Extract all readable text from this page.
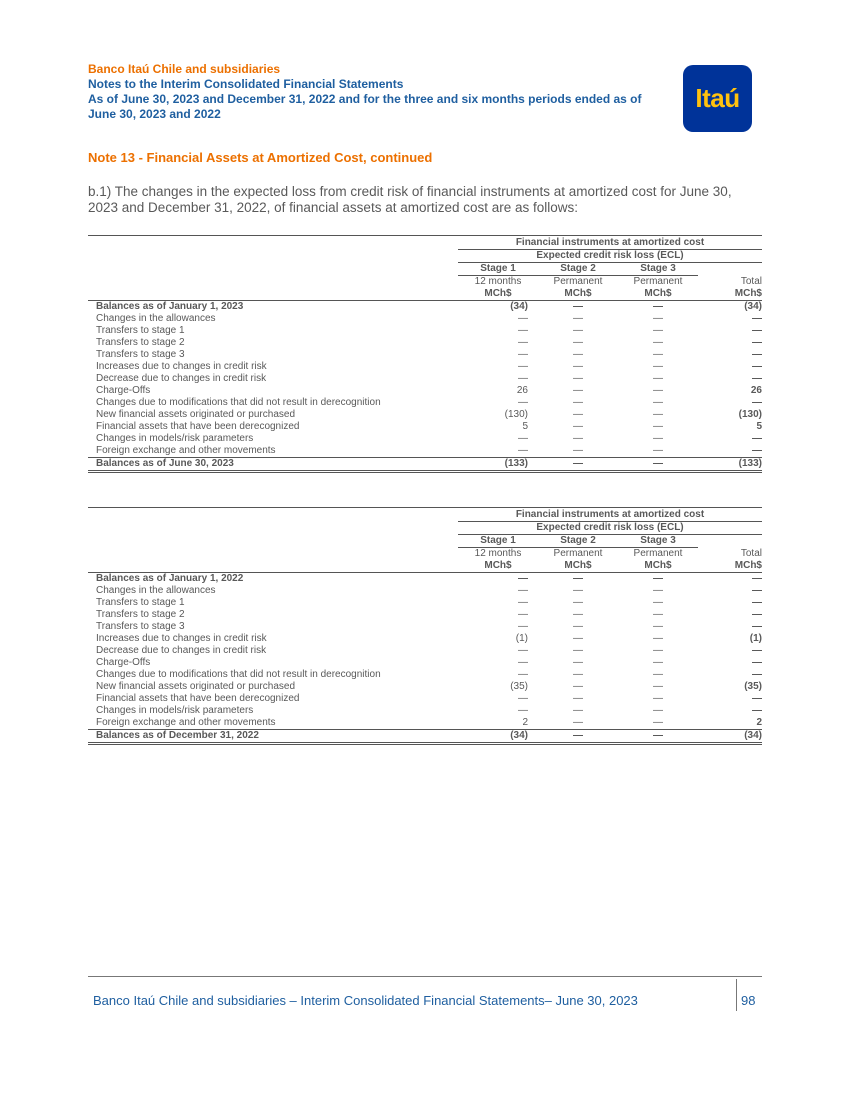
Banco Itaú Chile and subsidiaries
Notes to the Interim Consolidated Financial Statements
As of June 30, 2023 and December 31, 2022 and for the three and six months periods ended as of
June 30, 2023 and 2022
Itaú
Note 13 - Financial Assets at Amortized Cost, continued
b.1) The changes in the expected loss from credit risk of financial instruments at amortized cost for June 30, 2023 and December 31, 2022, of financial assets at amortized cost are as follows:

	Financial instruments at amortized cost			
	Expected credit risk loss (ECL)			
	Stage 1	Stage 2	Stage 3	
	12 months	Permanent	Permanent	Total
	MCh$	MCh$	MCh$	MCh$
Balances as of January 1, 2023	(34)	—	—	(34)
Changes in the allowances	—	—	—	—
Transfers to stage 1	—	—	—	—
Transfers to stage 2	—	—	—	—
Transfers to stage 3	—	—	—	—
Increases due to changes in credit risk	—	—	—	—
Decrease due to changes in credit risk	—	—	—	—
Charge-Offs	26	—	—	26
Changes due to modifications that did not result in derecognition	—	—	—	—
New financial assets originated or purchased	(130)	—	—	(130)
Financial assets that have been derecognized	5	—	—	5
Changes in models/risk parameters	—	—	—	—
Foreign exchange and other movements	—	—	—	—
Balances as of June 30, 2023	(133)	—	—	(133)

	Financial instruments at amortized cost			
	Expected credit risk loss (ECL)			
	Stage 1	Stage 2	Stage 3	
	12 months	Permanent	Permanent	Total
	MCh$	MCh$	MCh$	MCh$
Balances as of January 1, 2022	—	—	—	—
Changes in the allowances	—	—	—	—
Transfers to stage 1	—	—	—	—
Transfers to stage 2	—	—	—	—
Transfers to stage 3	—	—	—	—
Increases due to changes in credit risk	(1)	—	—	(1)
Decrease due to changes in credit risk	—	—	—	—
Charge-Offs	—	—	—	—
Changes due to modifications that did not result in derecognition	—	—	—	—
New financial assets originated or purchased	(35)	—	—	(35)
Financial assets that have been derecognized	—	—	—	—
Changes in models/risk parameters	—	—	—	—
Foreign exchange and other movements	2	—	—	2
Balances as of December 31, 2022	(34)	—	—	(34)
Banco Itaú Chile and subsidiaries – Interim Consolidated Financial Statements– June 30, 2023	98
